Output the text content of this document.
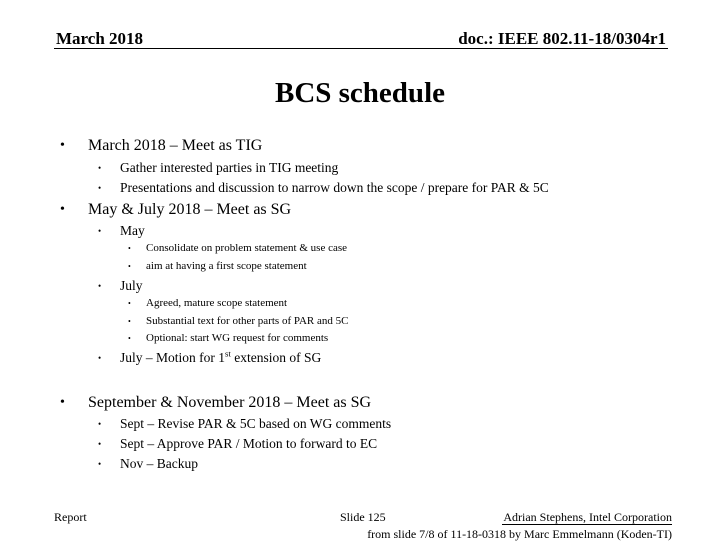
March 2018	doc.: IEEE 802.11-18/0304r1
BCS schedule
• March 2018 – Meet as TIG
• Gather interested parties in TIG meeting
• Presentations and discussion to narrow down the scope / prepare for PAR & 5C
• May & July 2018 – Meet as SG
• May
• Consolidate on problem statement & use case
• aim at having a first scope statement
• July
• Agreed, mature scope statement
• Substantial text for other parts of PAR and 5C
• Optional: start WG request for comments
• July – Motion for 1st extension of SG
• September & November 2018 – Meet as SG
• Sept – Revise PAR & 5C based on WG comments
• Sept – Approve PAR / Motion to forward to EC
• Nov – Backup
Report	Slide 125	Adrian Stephens, Intel Corporation
from slide 7/8 of 11-18-0318 by Marc Emmelmann (Koden-TI)
